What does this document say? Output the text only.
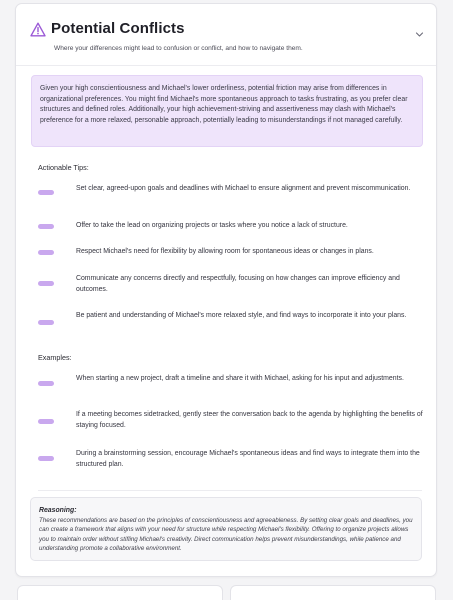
Potential Conflicts
Where your differences might lead to confusion or conflict, and how to navigate them.
Given your high conscientiousness and Michael's lower orderliness, potential friction may arise from differences in organizational preferences. You might find Michael's more spontaneous approach to tasks frustrating, as you prefer clear structures and defined roles. Additionally, your high achievement-striving and assertiveness may clash with Michael's preference for a more relaxed, personable approach, potentially leading to misunderstandings if not managed carefully.
Actionable Tips:
Set clear, agreed-upon goals and deadlines with Michael to ensure alignment and prevent miscommunication.
Offer to take the lead on organizing projects or tasks where you notice a lack of structure.
Respect Michael's need for flexibility by allowing room for spontaneous ideas or changes in plans.
Communicate any concerns directly and respectfully, focusing on how changes can improve efficiency and outcomes.
Be patient and understanding of Michael's more relaxed style, and find ways to incorporate it into your plans.
Examples:
When starting a new project, draft a timeline and share it with Michael, asking for his input and adjustments.
If a meeting becomes sidetracked, gently steer the conversation back to the agenda by highlighting the benefits of staying focused.
During a brainstorming session, encourage Michael's spontaneous ideas and find ways to integrate them into the structured plan.
Reasoning:
These recommendations are based on the principles of conscientiousness and agreeableness. By setting clear goals and deadlines, you can create a framework that aligns with your need for structure while respecting Michael's flexibility. Offering to organize projects allows you to maintain order without stifling Michael's creativity. Direct communication helps prevent misunderstandings, while patience and understanding promote a collaborative environment.
